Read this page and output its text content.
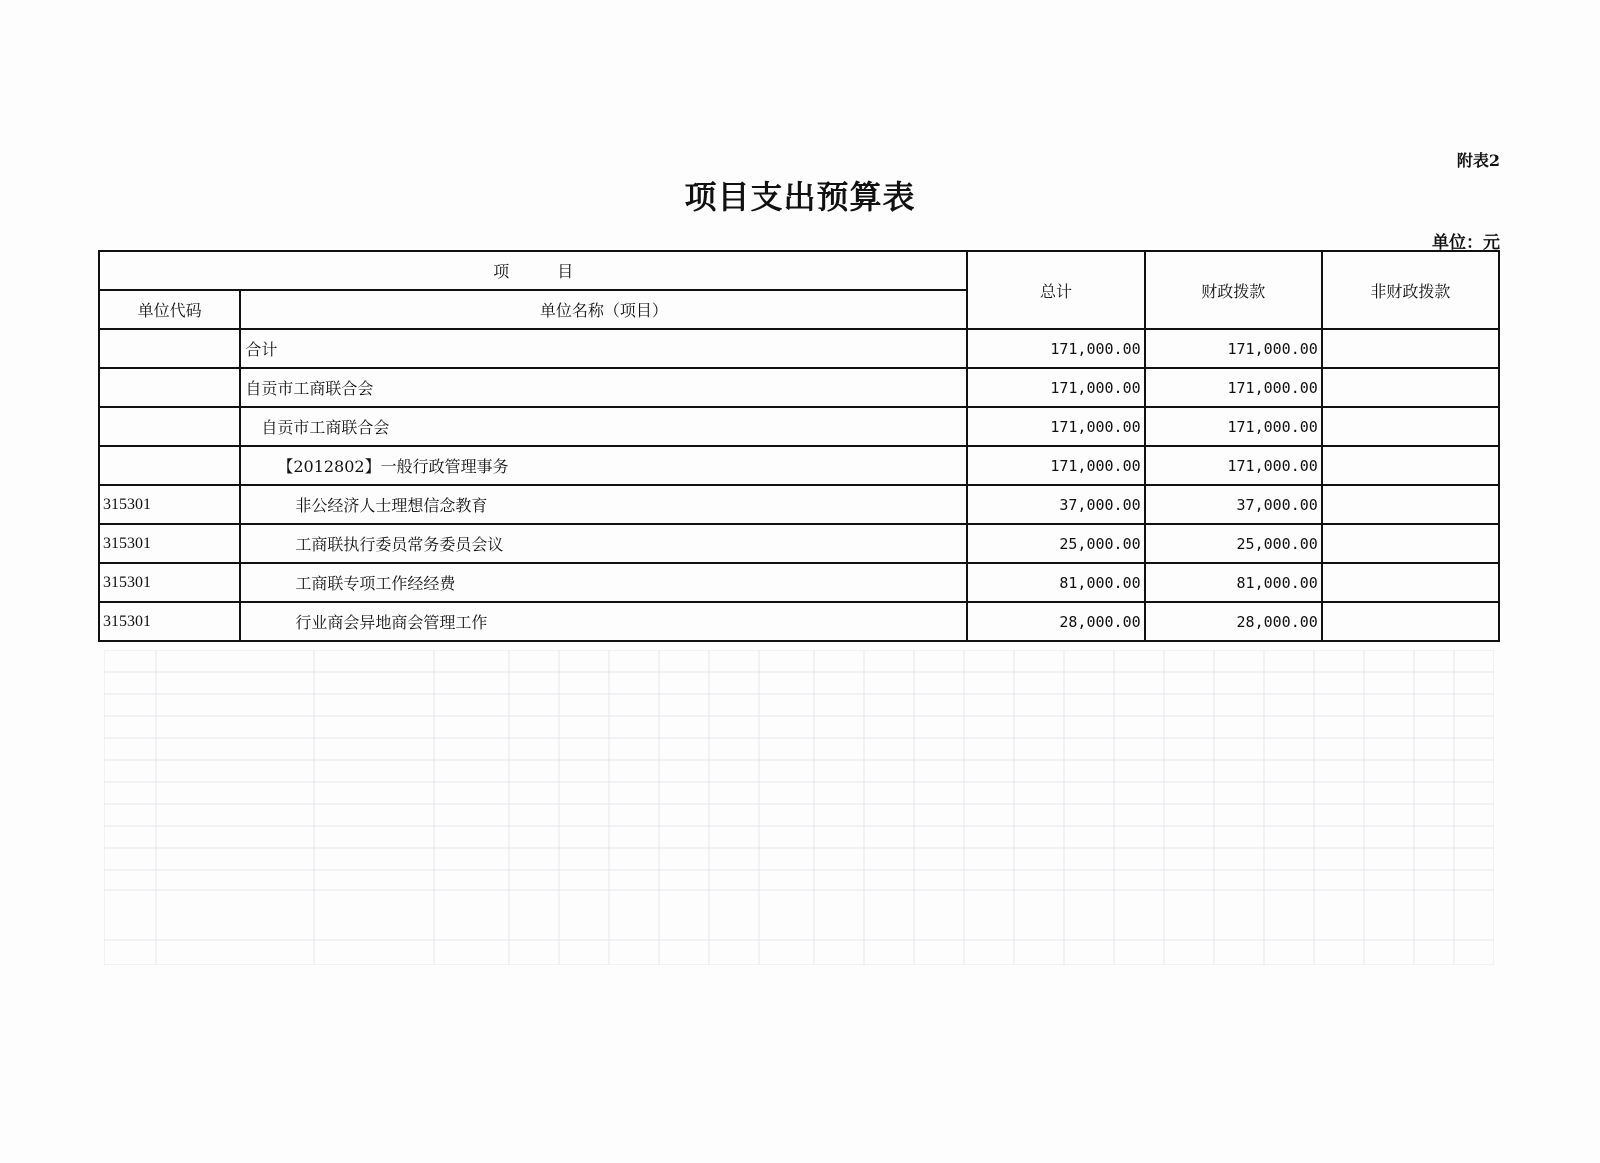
附表2
项目支出预算表
单位：元
项　　　目		总计	财政拨款	非财政拨款
单位代码	单位名称（项目）			
	合计	171,000.00	171,000.00	
	自贡市工商联合会	171,000.00	171,000.00	
	自贡市工商联合会	171,000.00	171,000.00	
	【2012802】一般行政管理事务	171,000.00	171,000.00	
315301	非公经济人士理想信念教育	37,000.00	37,000.00	
315301	工商联执行委员常务委员会议	25,000.00	25,000.00	
315301	工商联专项工作经经费	81,000.00	81,000.00	
315301	行业商会异地商会管理工作	28,000.00	28,000.00	
